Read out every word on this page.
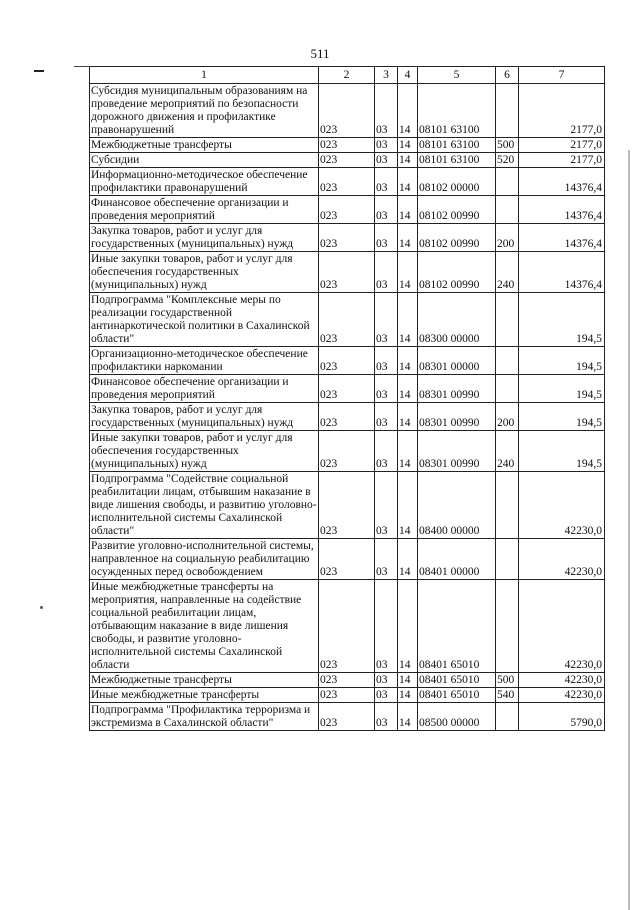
511
1	2	3	4	5	6	7
Субсидия муниципальным образованиям на проведение мероприятий по безопасности дорожного движения и профилактике правонарушений	023	03	14	08101 63100		2177,0
Межбюджетные трансферты	023	03	14	08101 63100	500	2177,0
Субсидии	023	03	14	08101 63100	520	2177,0
Информационно-методическое обеспечение профилактики правонарушений	023	03	14	08102 00000		14376,4
Финансовое обеспечение организации и проведения мероприятий	023	03	14	08102 00990		14376,4
Закупка товаров, работ и услуг для государственных (муниципальных) нужд	023	03	14	08102 00990	200	14376,4
Иные закупки товаров, работ и услуг для обеспечения государственных (муниципальных) нужд	023	03	14	08102 00990	240	14376,4
Подпрограмма "Комплексные меры по реализации государственной антинаркотической политики в Сахалинской области"	023	03	14	08300 00000		194,5
Организационно-методическое обеспечение профилактики наркомании	023	03	14	08301 00000		194,5
Финансовое обеспечение организации и проведения мероприятий	023	03	14	08301 00990		194,5
Закупка товаров, работ и услуг для государственных (муниципальных) нужд	023	03	14	08301 00990	200	194,5
Иные закупки товаров, работ и услуг для обеспечения государственных (муниципальных) нужд	023	03	14	08301 00990	240	194,5
Подпрограмма "Содействие социальной реабилитации лицам, отбывшим наказание в виде лишения свободы, и развитию уголовно-исполнительной системы Сахалинской области"	023	03	14	08400 00000		42230,0
Развитие уголовно-исполнительной системы, направленное на социальную реабилитацию осужденных перед освобождением	023	03	14	08401 00000		42230,0
Иные межбюджетные трансферты на мероприятия, направленные на содействие социальной реабилитации лицам, отбывающим наказание в виде лишения свободы, и развитие уголовно-исполнительной системы Сахалинской области	023	03	14	08401 65010		42230,0
Межбюджетные трансферты	023	03	14	08401 65010	500	42230,0
Иные межбюджетные трансферты	023	03	14	08401 65010	540	42230,0
Подпрограмма "Профилактика терроризма и экстремизма в Сахалинской области"	023	03	14	08500 00000		5790,0
